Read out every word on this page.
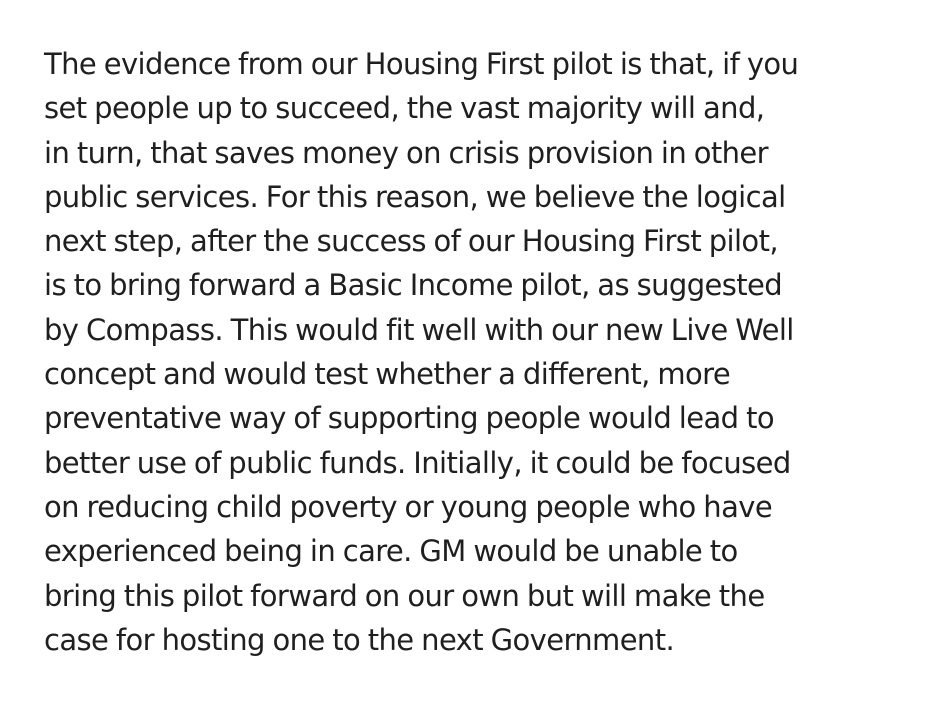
The evidence from our Housing First pilot is that, if you
set people up to succeed, the vast majority will and,
in turn, that saves money on crisis provision in other
public services. For this reason, we believe the logical
next step, after the success of our Housing First pilot,
is to bring forward a Basic Income pilot, as suggested
by Compass. This would fit well with our new Live Well
concept and would test whether a different, more
preventative way of supporting people would lead to
better use of public funds. Initially, it could be focused
on reducing child poverty or young people who have
experienced being in care. GM would be unable to
bring this pilot forward on our own but will make the
case for hosting one to the next Government.
